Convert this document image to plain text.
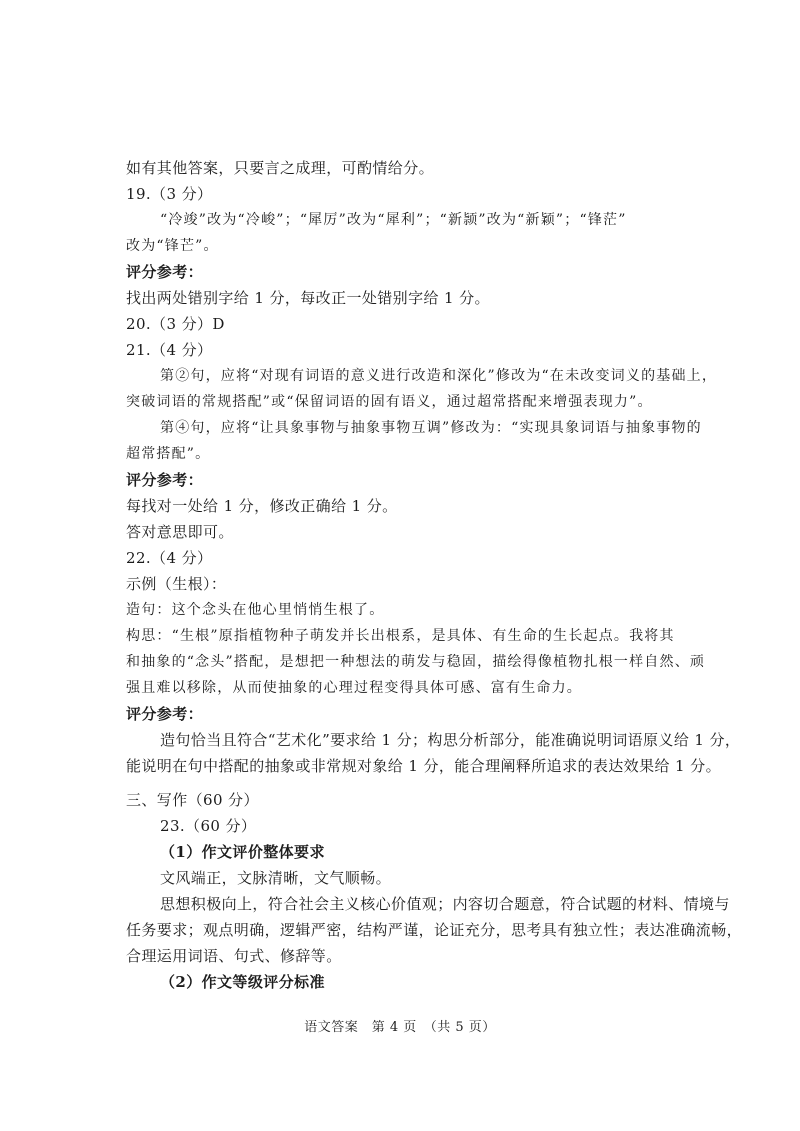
如有其他答案，只要言之成理，可酌情给分。
19.（3 分）
“冷竣”改为“冷峻”；“犀厉”改为“犀利”；“新颕”改为“新颖”；“锋茫”
改为“锋芒”。
评分参考：
找出两处错别字给 1 分，每改正一处错别字给 1 分。
20.（3 分）D
21.（4 分）
第②句，应将“对现有词语的意义进行改造和深化”修改为“在未改变词义的基础上，
突破词语的常规搭配”或“保留词语的固有语义，通过超常搭配来增强表现力”。
第④句，应将“让具象事物与抽象事物互调”修改为：“实现具象词语与抽象事物的
超常搭配”。
评分参考：
每找对一处给 1 分，修改正确给 1 分。
答对意思即可。
22.（4 分）
示例（生根）：
造句：这个念头在他心里悄悄生根了。
构思：“生根”原指植物种子萌发并长出根系，是具体、有生命的生长起点。我将其
和抽象的“念头”搭配，是想把一种想法的萌发与稳固，描绘得像植物扎根一样自然、顽
强且难以移除，从而使抽象的心理过程变得具体可感、富有生命力。
评分参考：
造句恰当且符合“艺术化”要求给 1 分；构思分析部分，能准确说明词语原义给 1 分，
能说明在句中搭配的抽象或非常规对象给 1 分，能合理阐释所追求的表达效果给 1 分。
三、写作（60 分）
23.（60 分）
（1）作文评价整体要求
文风端正，文脉清晰，文气顺畅。
思想积极向上，符合社会主义核心价值观；内容切合题意，符合试题的材料、情境与
任务要求；观点明确，逻辑严密，结构严谨，论证充分，思考具有独立性；表达准确流畅，
合理运用词语、句式、修辞等。
（2）作文等级评分标准
语文答案　第 4 页　（共 5 页）
